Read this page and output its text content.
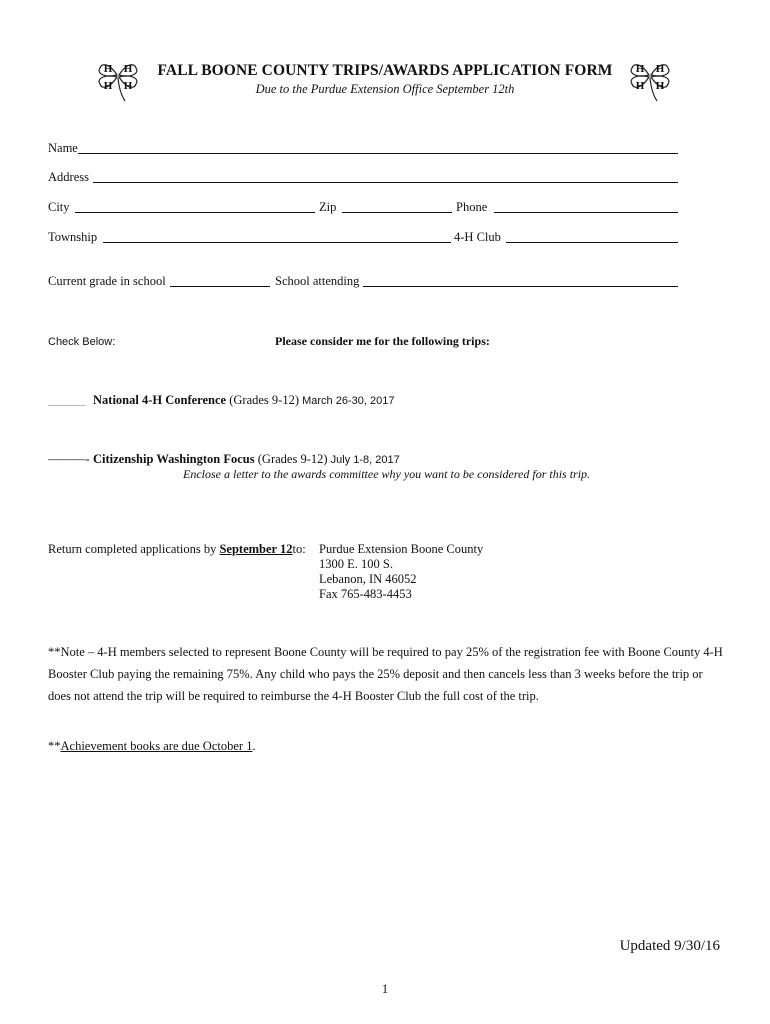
H H
H H
H H
H H
FALL BOONE COUNTY TRIPS/AWARDS APPLICATION FORM
Due to the Purdue Extension Office September 12th
Name
Address
City	Zip	Phone
Township	4-H Club
Current grade in school	School attending
Check Below:	Please consider me for the following trips:
______ National 4-H Conference (Grades 9-12) March 26-30, 2017
———- Citizenship Washington Focus (Grades 9-12) July 1-8, 2017
Enclose a letter to the awards committee why you want to be considered for this trip.
Return completed applications by September 12to: Purdue Extension Boone County
1300 E. 100 S.
Lebanon, IN 46052
Fax 765-483-4453
**Note – 4-H members selected to represent Boone County will be required to pay 25% of the registration fee with Boone County 4-H Booster Club paying the remaining 75%. Any child who pays the 25% deposit and then cancels less than 3 weeks before the trip or does not attend the trip will be required to reimburse the 4-H Booster Club the full cost of the trip.
**Achievement books are due October 1.
Updated 9/30/16
1
